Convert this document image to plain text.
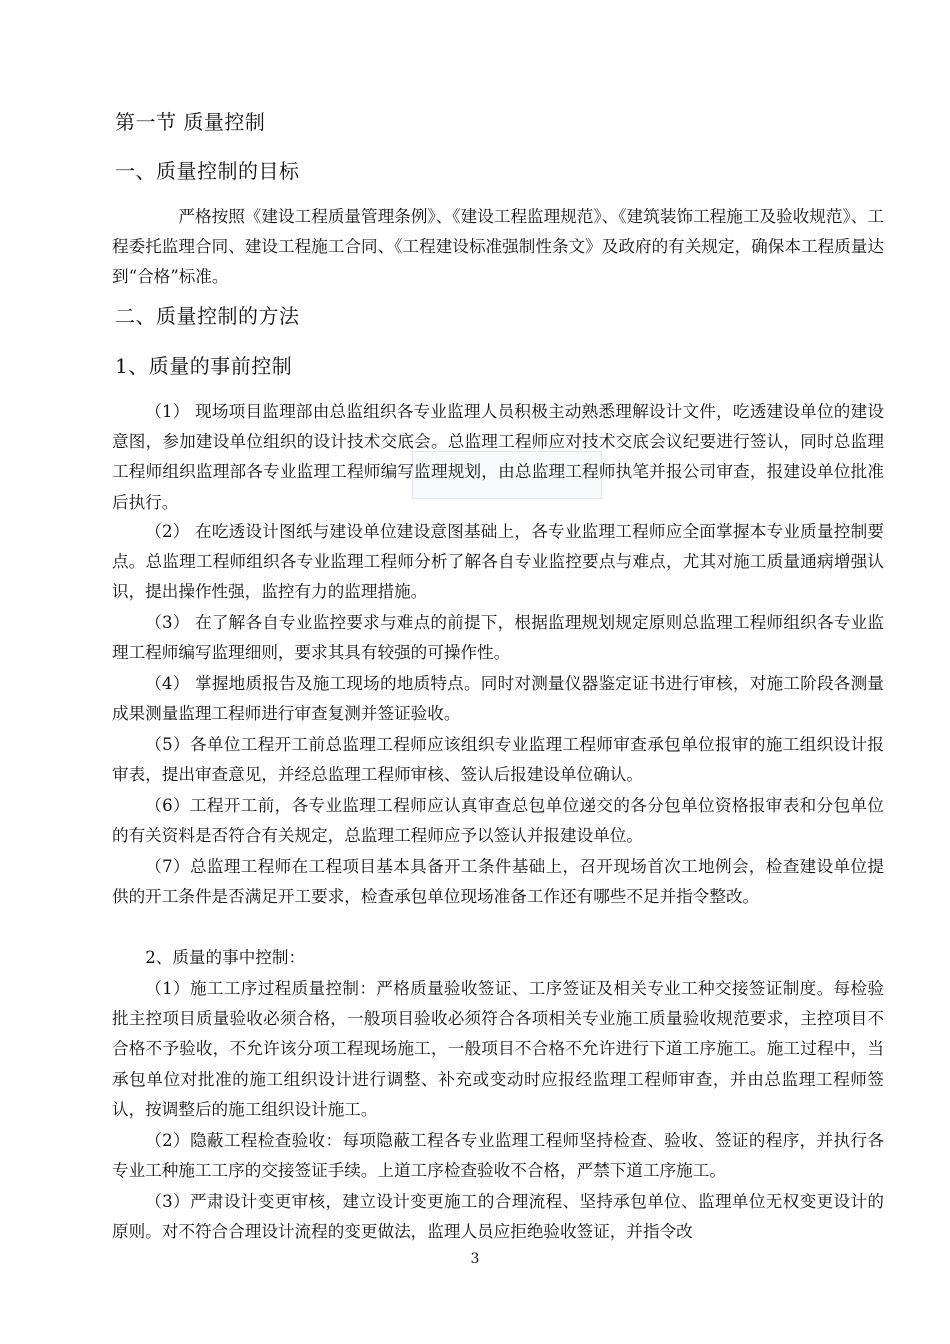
第一节 质量控制
一、质量控制的目标

严格按照《建设工程质量管理条例》、《建设工程监理规范》、《建筑装饰工程施工及验收规范》、工程委托监理合同、建设工程施工合同、《工程建设标准强制性条文》及政府的有关规定，确保本工程质量达到“合格”标准。

二、质量控制的方法
1、质量的事前控制

（1） 现场项目监理部由总监组织各专业监理人员积极主动熟悉理解设计文件，吃透建设单位的建设意图，参加建设单位组织的设计技术交底会。总监理工程师应对技术交底会议纪要进行签认，同时总监理工程师组织监理部各专业监理工程师编写监理规划，由总监理工程师执笔并报公司审查，报建设单位批准后执行。

（2） 在吃透设计图纸与建设单位建设意图基础上，各专业监理工程师应全面掌握本专业质量控制要点。总监理工程师组织各专业监理工程师分析了解各自专业监控要点与难点，尤其对施工质量通病增强认识，提出操作性强，监控有力的监理措施。

（3） 在了解各自专业监控要求与难点的前提下，根据监理规划规定原则总监理工程师组织各专业监理工程师编写监理细则，要求其具有较强的可操作性。

（4） 掌握地质报告及施工现场的地质特点。同时对测量仪器鉴定证书进行审核，对施工阶段各测量成果测量监理工程师进行审查复测并签证验收。

（5）各单位工程开工前总监理工程师应该组织专业监理工程师审查承包单位报审的施工组织设计报审表，提出审查意见，并经总监理工程师审核、签认后报建设单位确认。

（6）工程开工前，各专业监理工程师应认真审查总包单位递交的各分包单位资格报审表和分包单位的有关资料是否符合有关规定，总监理工程师应予以签认并报建设单位。

（7）总监理工程师在工程项目基本具备开工条件基础上，召开现场首次工地例会，检查建设单位提供的开工条件是否满足开工要求，检查承包单位现场准备工作还有哪些不足并指令整改。

2、质量的事中控制：

（1）施工工序过程质量控制：严格质量验收签证、工序签证及相关专业工种交接签证制度。每检验批主控项目质量验收必须合格，一般项目验收必须符合各项相关专业施工质量验收规范要求，主控项目不合格不予验收，不允许该分项工程现场施工，一般项目不合格不允许进行下道工序施工。施工过程中，当承包单位对批准的施工组织设计进行调整、补充或变动时应报经监理工程师审查，并由总监理工程师签认，按调整后的施工组织设计施工。

（2）隐蔽工程检查验收：每项隐蔽工程各专业监理工程师坚持检查、验收、签证的程序，并执行各专业工种施工工序的交接签证手续。上道工序检查验收不合格，严禁下道工序施工。

（3）严肃设计变更审核，建立设计变更施工的合理流程、坚持承包单位、监理单位无权变更设计的原则。对不符合合理设计流程的变更做法，监理人员应拒绝验收签证，并指令改

3
